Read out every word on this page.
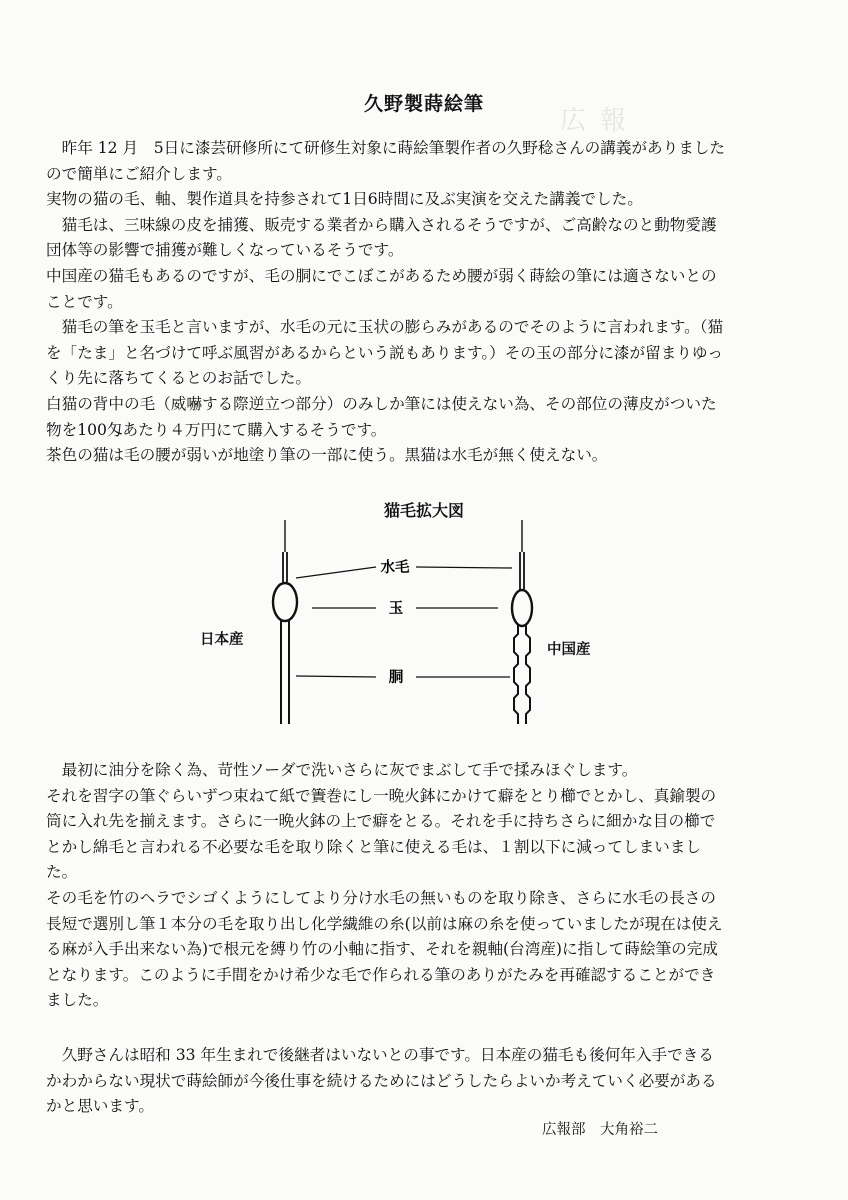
広報
久野製蒔絵筆

昨年 12 月　5日に漆芸研修所にて研修生対象に蒔絵筆製作者の久野稔さんの講義がありましたので簡単にご紹介します。

実物の猫の毛、軸、製作道具を持参されて1日6時間に及ぶ実演を交えた講義でした。

猫毛は、三味線の皮を捕獲、販売する業者から購入されるそうですが、ご高齢なのと動物愛護団体等の影響で捕獲が難しくなっているそうです。

中国産の猫毛もあるのですが、毛の胴にでこぼこがあるため腰が弱く蒔絵の筆には適さないとのことです。

猫毛の筆を玉毛と言いますが、水毛の元に玉状の膨らみがあるのでそのように言われます。（猫を「たま」と名づけて呼ぶ風習があるからという説もあります。）その玉の部分に漆が留まりゆっくり先に落ちてくるとのお話でした。

白猫の背中の毛（威嚇する際逆立つ部分）のみしか筆には使えない為、その部位の薄皮がついた物を100匁あたり４万円にて購入するそうです。

茶色の猫は毛の腰が弱いが地塗り筆の一部に使う。黒猫は水毛が無く使えない。

猫毛拡大図
水毛
玉
胴
日本産
中国産

最初に油分を除く為、苛性ソーダで洗いさらに灰でまぶして手で揉みほぐします。

それを習字の筆ぐらいずつ束ねて紙で簀巻にし一晩火鉢にかけて癖をとり櫛でとかし、真鍮製の筒に入れ先を揃えます。さらに一晩火鉢の上で癖をとる。それを手に持ちさらに細かな目の櫛でとかし綿毛と言われる不必要な毛を取り除くと筆に使える毛は、１割以下に減ってしまいました。

その毛を竹のヘラでシゴくようにしてより分け水毛の無いものを取り除き、さらに水毛の長さの長短で選別し筆１本分の毛を取り出し化学繊維の糸(以前は麻の糸を使っていましたが現在は使える麻が入手出来ない為)で根元を縛り竹の小軸に指す、それを親軸(台湾産)に指して蒔絵筆の完成となります。このように手間をかけ希少な毛で作られる筆のありがたみを再確認することができました。

久野さんは昭和 33 年生まれで後継者はいないとの事です。日本産の猫毛も後何年入手できるかわからない現状で蒔絵師が今後仕事を続けるためにはどうしたらよいか考えていく必要があるかと思います。

広報部　大角裕二
